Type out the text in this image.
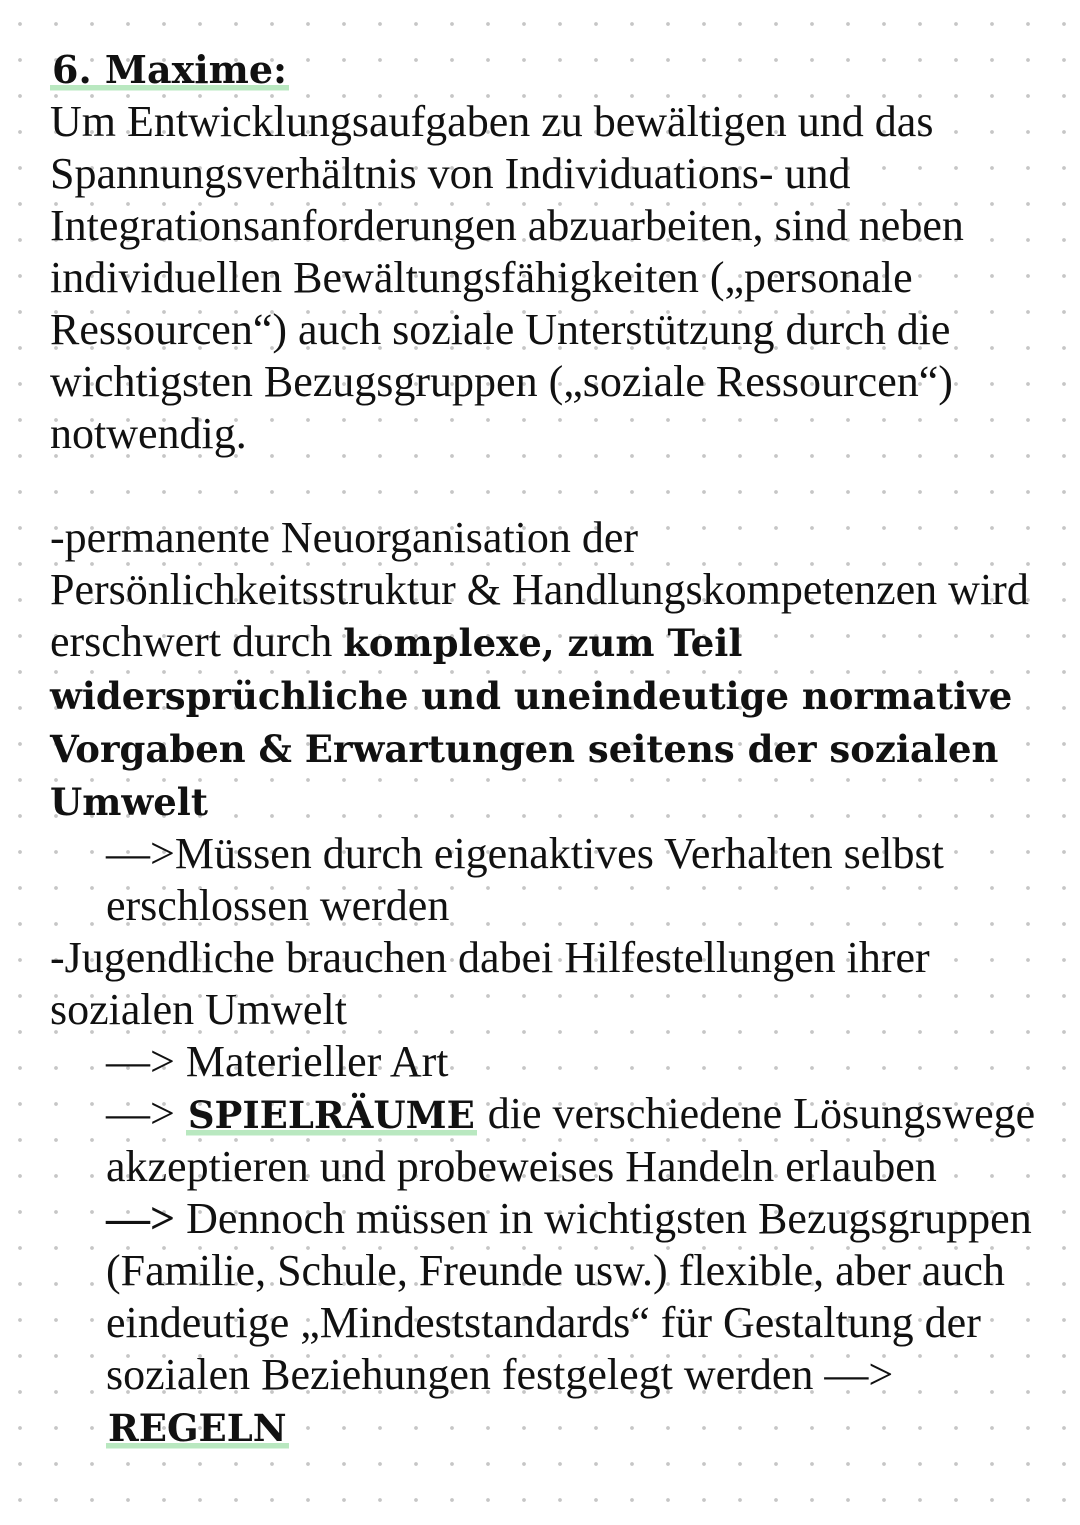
6. Maxime:

Um Entwicklungsaufgaben zu bewältigen und das Spannungsverhältnis von Individuations- und Integrationsanforderungen abzuarbeiten, sind neben individuellen Bewältungsfähigkeiten („personale Ressourcen“) auch soziale Unterstützung durch die wichtigsten Bezugsgruppen („soziale Ressourcen“) notwendig.

-permanente Neuorganisation der Persönlichkeitsstruktur & Handlungskompetenzen wird erschwert durch komplexe, zum Teil widersprüchliche und uneindeutige normative Vorgaben & Erwartungen seitens der sozialen Umwelt

—>Müssen durch eigenaktives Verhalten selbst erschlossen werden

-Jugendliche brauchen dabei Hilfestellungen ihrer sozialen Umwelt

—> Materieller Art

—> SPIELRÄUME die verschiedene Lösungswege akzeptieren und probeweises Handeln erlauben

—> Dennoch müssen in wichtigsten Bezugsgruppen (Familie, Schule, Freunde usw.) flexible, aber auch eindeutige „Mindeststandards“ für Gestaltung der sozialen Beziehungen festgelegt werden —> REGELN
